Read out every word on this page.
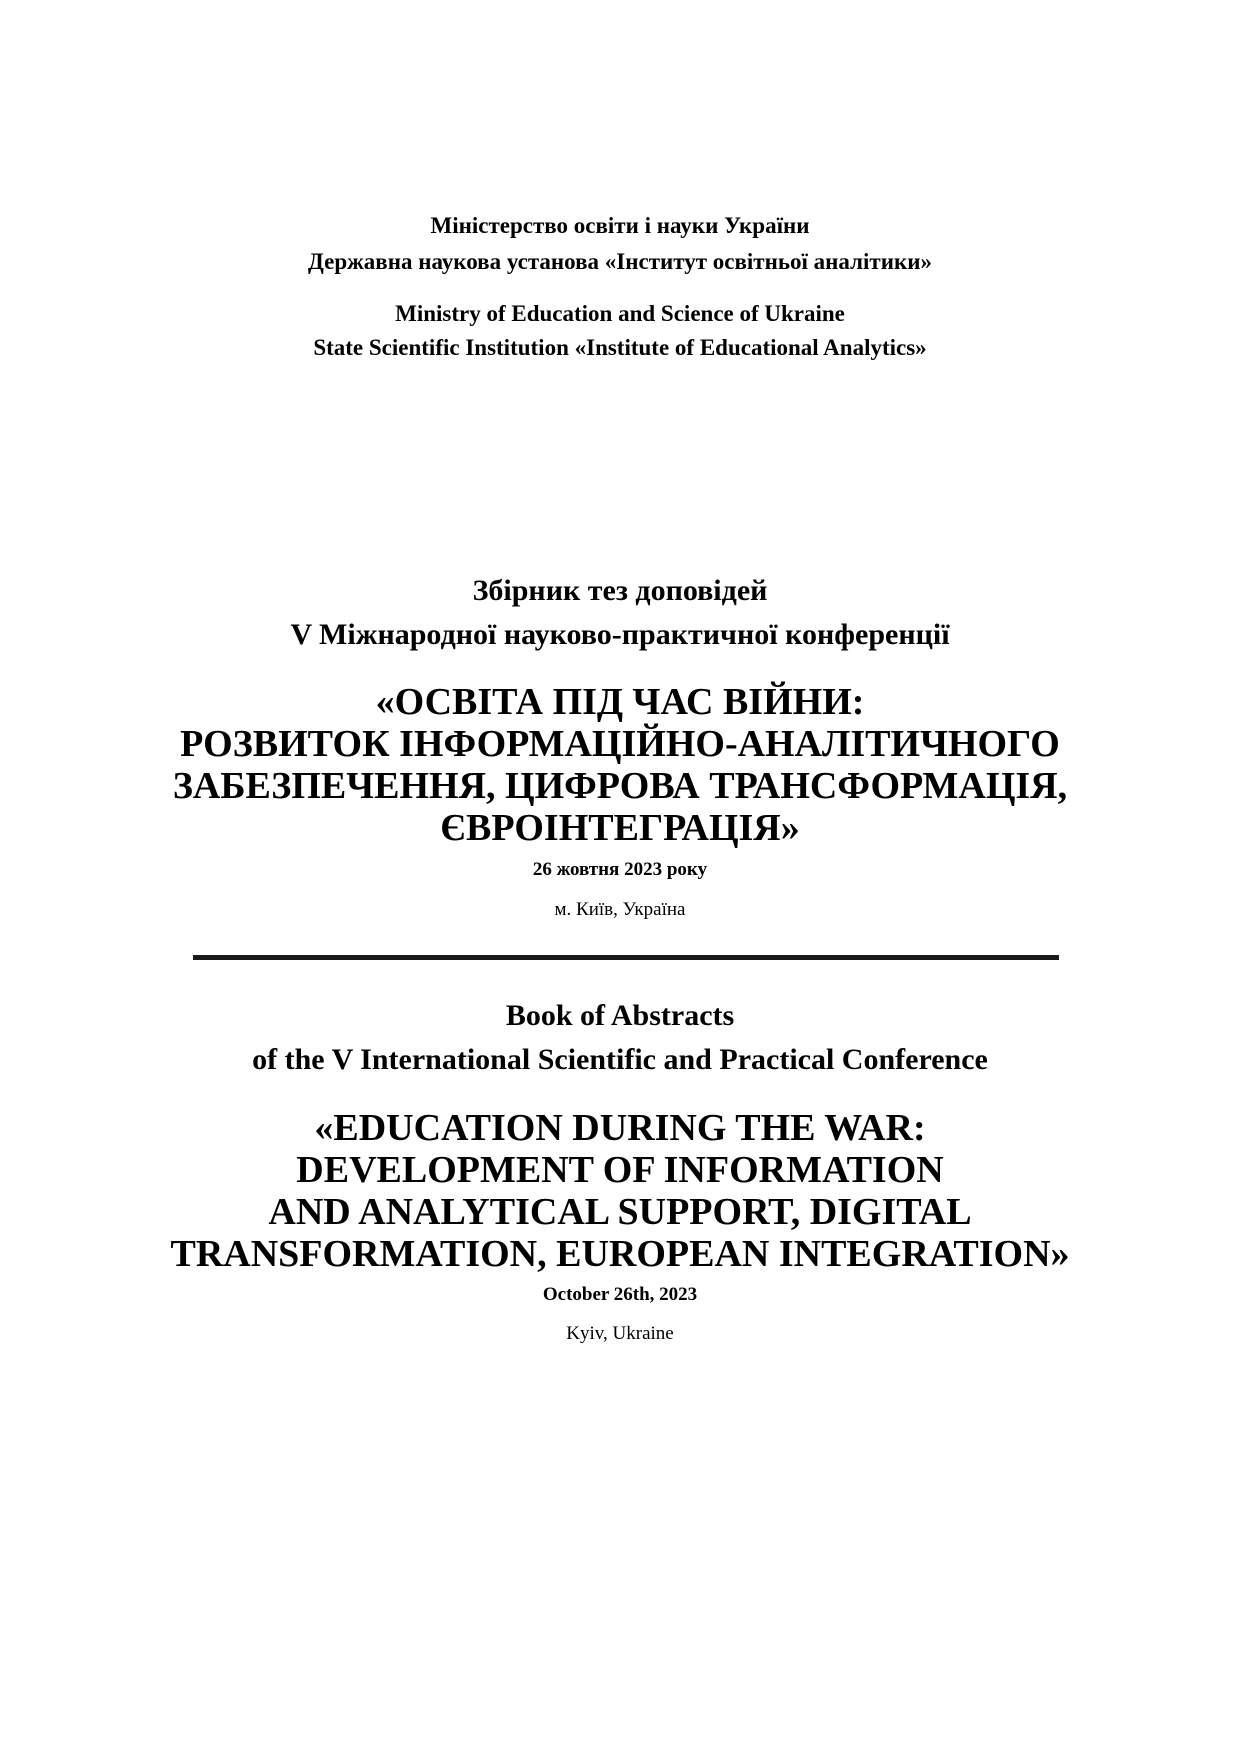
Міністерство освіти і науки України
Державна наукова установа «Інститут освітньої аналітики»
Ministry of Education and Science of Ukraine
State Scientific Institution «Institute of Educational Analytics»
Збірник тез доповідей
V Міжнародної науково-практичної конференції
«ОСВІТА ПІД ЧАС ВІЙНИ:
РОЗВИТОК ІНФОРМАЦІЙНО-АНАЛІТИЧНОГО
ЗАБЕЗПЕЧЕННЯ, ЦИФРОВА ТРАНСФОРМАЦІЯ,
ЄВРОІНТЕГРАЦІЯ»
26 жовтня 2023 року
м. Київ, Україна
Book of Abstracts
of the V International Scientific and Practical Conference
«EDUCATION DURING THE WAR:
DEVELOPMENT OF INFORMATION
AND ANALYTICAL SUPPORT, DIGITAL
TRANSFORMATION, EUROPEAN INTEGRATION»
October 26th, 2023
Kyiv, Ukraine
